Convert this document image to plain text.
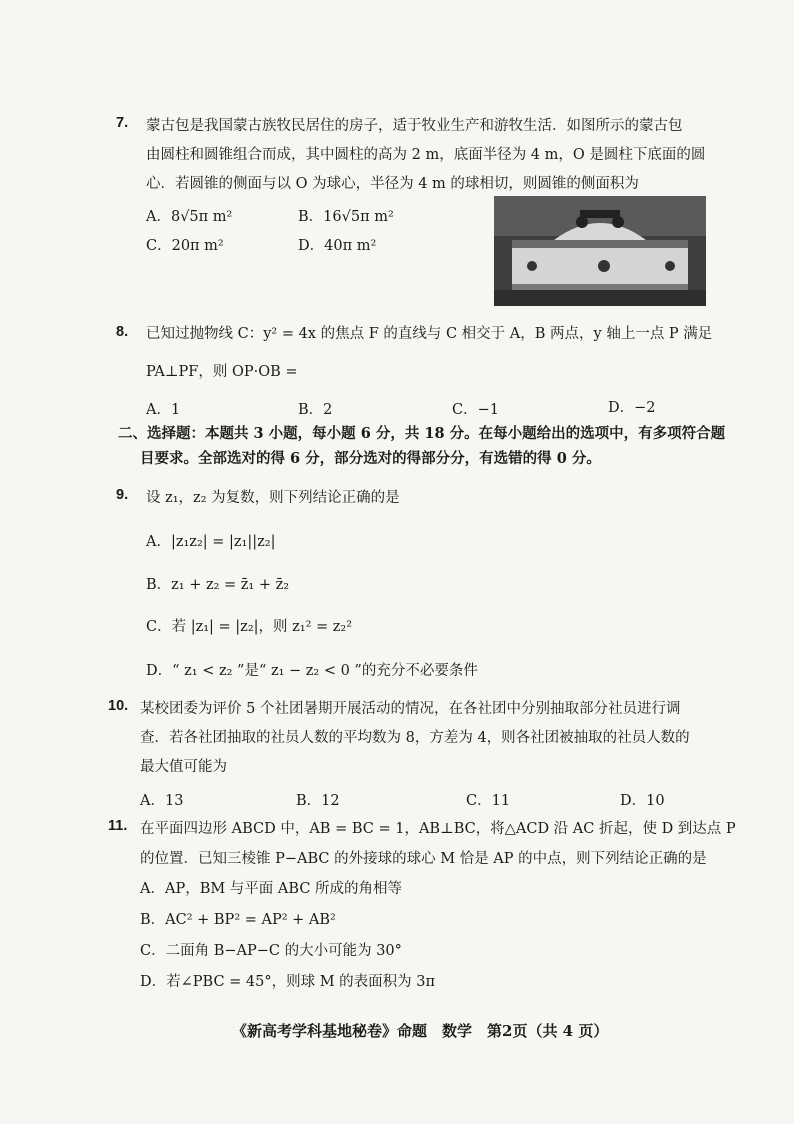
7. 蒙古包是我国蒙古族牧民居住的房子，适于牧业生产和游牧生活．如图所示的蒙古包
由圆柱和圆锥组合而成，其中圆柱的高为 2 m，底面半径为 4 m，O 是圆柱下底面的圆
心．若圆锥的侧面与以 O 为球心，半径为 4 m 的球相切，则圆锥的侧面积为
A．8√5π m²	B．16√5π m²
C．20π m²	D．40π m²
8. 已知过抛物线 C：y² = 4x 的焦点 F 的直线与 C 相交于 A，B 两点，y 轴上一点 P 满足
PA⊥PF，则 OP·OB =
A．1	B．2	C．−1	D．−2
二、选择题：本题共 3 小题，每小题 6 分，共 18 分。在每小题给出的选项中，有多项符合题
目要求。全部选对的得 6 分，部分选对的得部分分，有选错的得 0 分。
9. 设 z₁，z₂ 为复数，则下列结论正确的是
A．|z₁z₂| = |z₁||z₂|
B．z₁ + z₂ = z̄₁ + z̄₂
C．若 |z₁| = |z₂|，则 z₁² = z₂²
D．“ z₁ < z₂ ”是“ z₁ − z₂ < 0 ”的充分不必要条件
10. 某校团委为评价 5 个社团暑期开展活动的情况，在各社团中分别抽取部分社员进行调
查．若各社团抽取的社员人数的平均数为 8，方差为 4，则各社团被抽取的社员人数的
最大值可能为
A．13	B．12	C．11	D．10
11. 在平面四边形 ABCD 中，AB = BC = 1，AB⊥BC，将△ACD 沿 AC 折起，使 D 到达点 P
的位置．已知三棱锥 P−ABC 的外接球的球心 M 恰是 AP 的中点，则下列结论正确的是
A．AP，BM 与平面 ABC 所成的角相等
B．AC² + BP² = AP² + AB²
C．二面角 B−AP−C 的大小可能为 30°
D．若∠PBC = 45°，则球 M 的表面积为 3π
《新高考学科基地秘卷》命题　数学　第2页（共 4 页）
